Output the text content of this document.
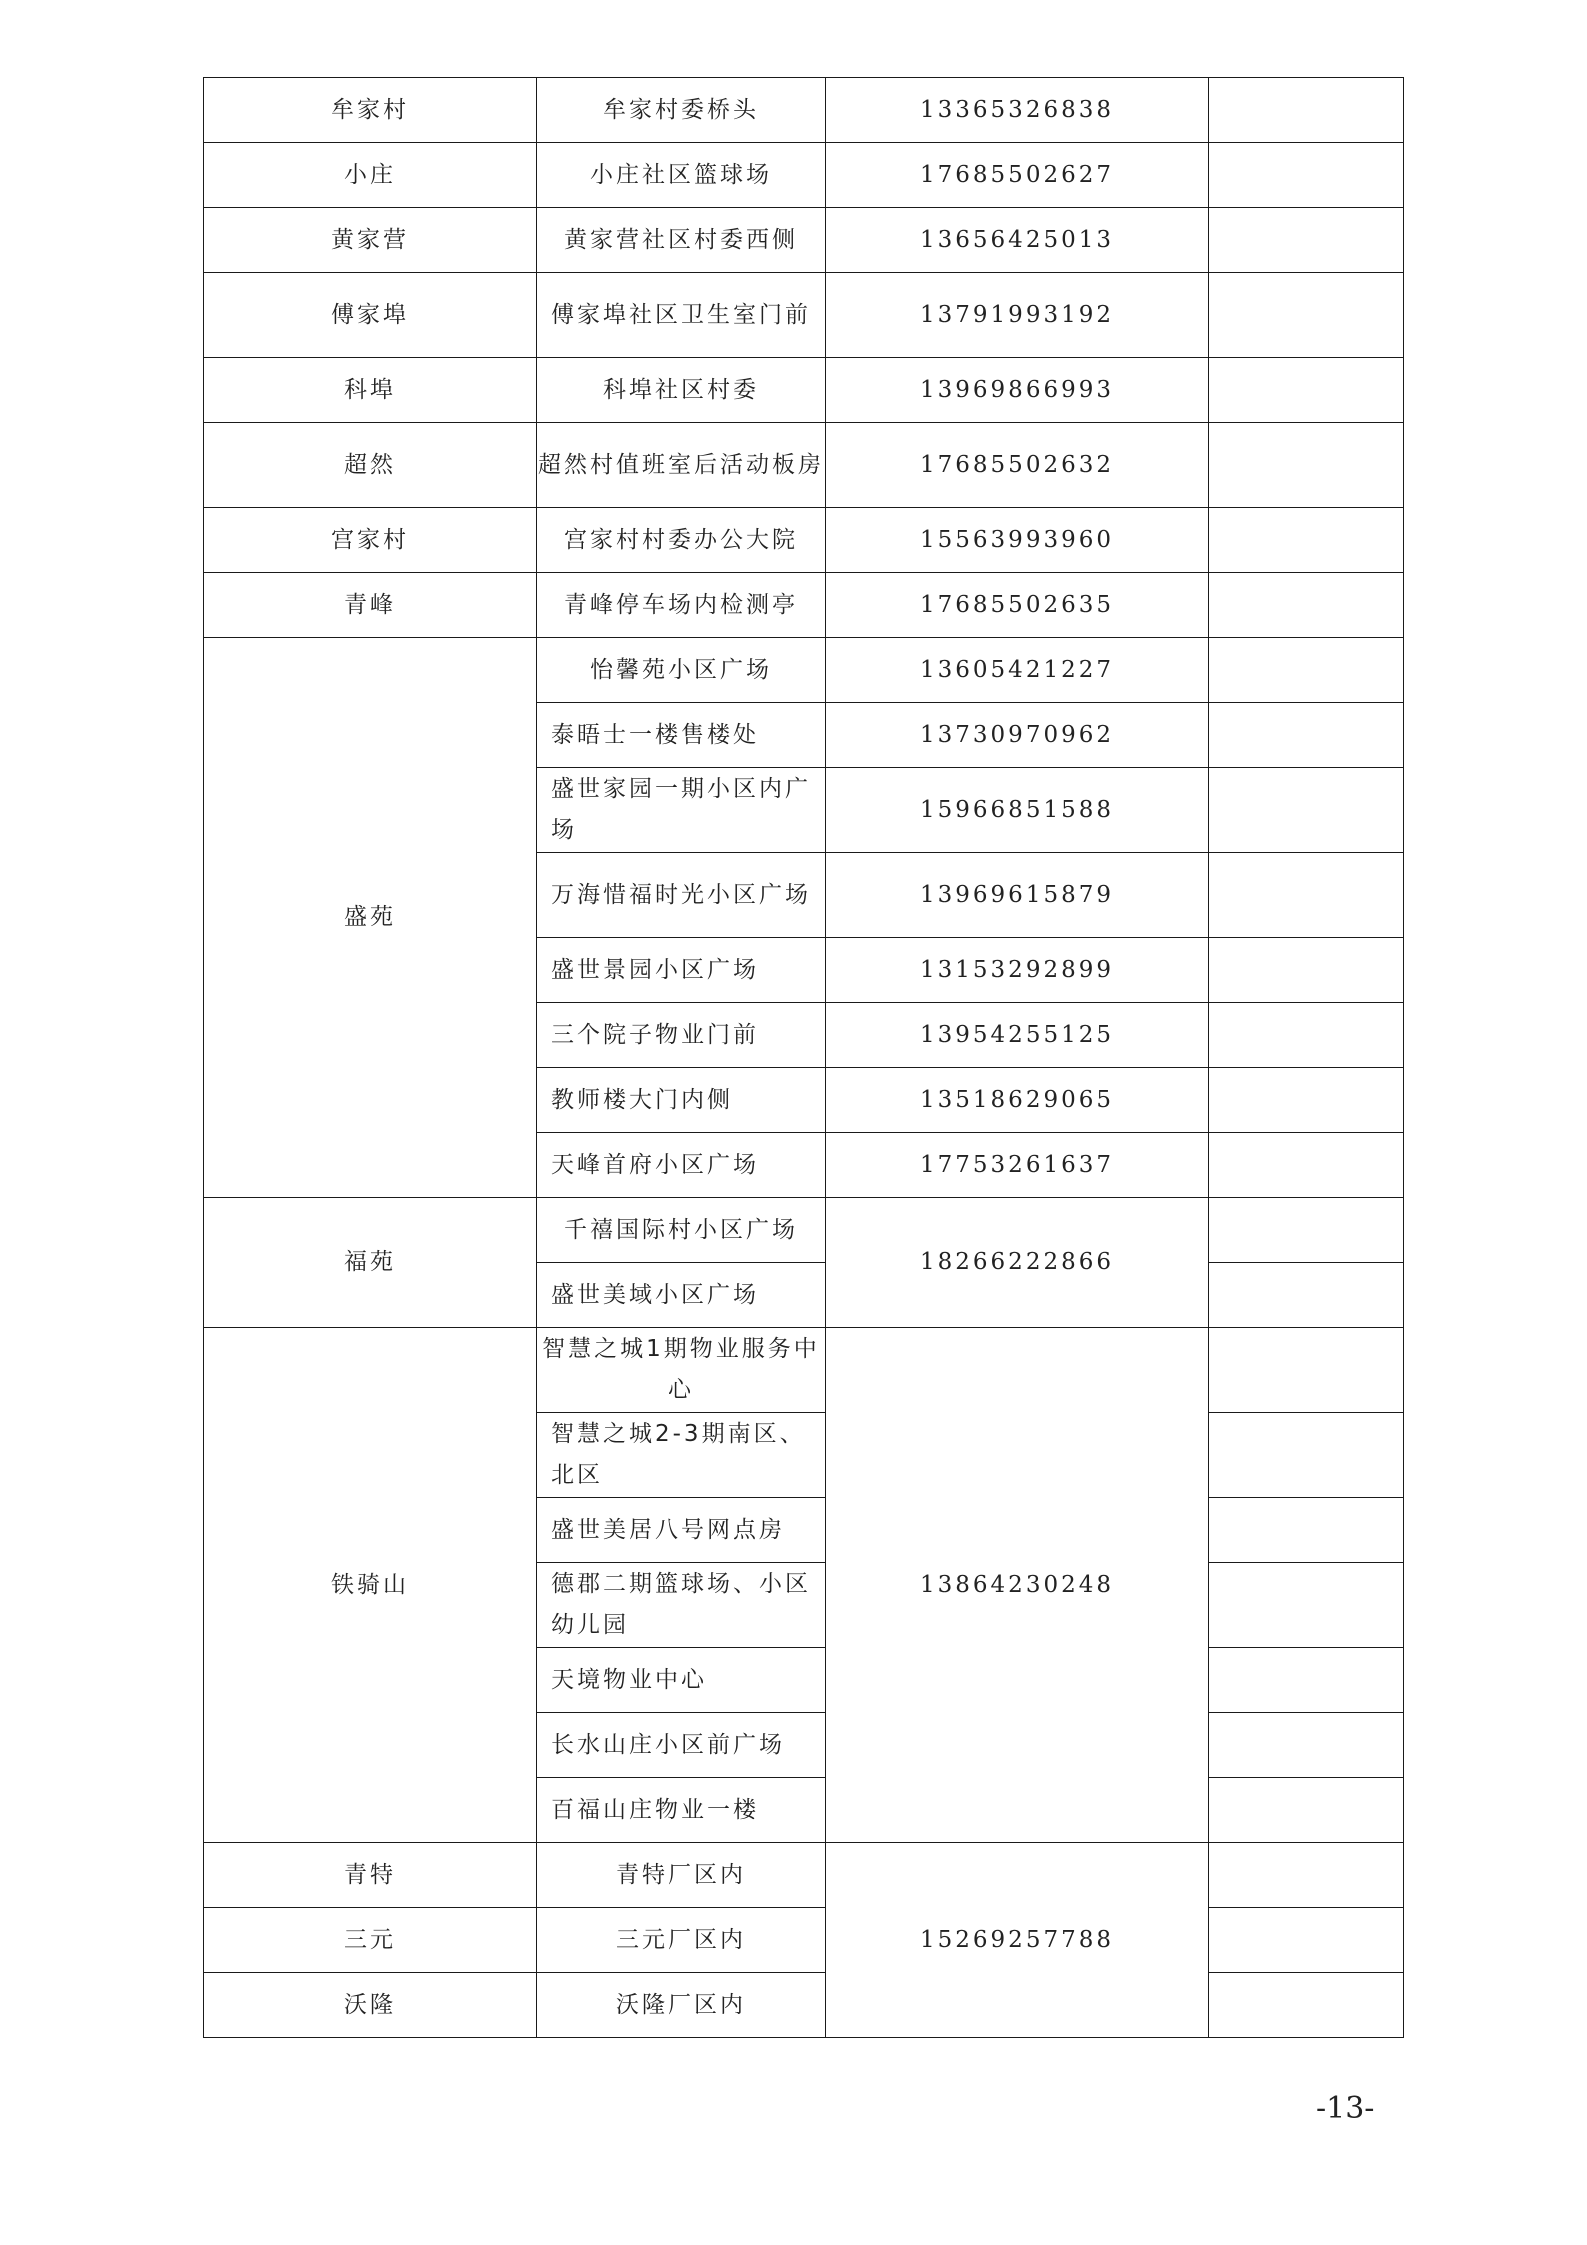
牟家村	牟家村委桥头	13365326838	
小庄	小庄社区篮球场	17685502627	
黄家营	黄家营社区村委西侧	13656425013	
傅家埠	傅家埠社区卫生室门前	13791993192	
科埠	科埠社区村委	13969866993	
超然	超然村值班室后活动板房	17685502632	
宫家村	宫家村村委办公大院	15563993960	
青峰	青峰停车场内检测亭	17685502635	
盛苑	怡馨苑小区广场	13605421227	
	泰晤士一楼售楼处	13730970962	
	盛世家园一期小区内广场	15966851588	
	万海惜福时光小区广场	13969615879	
	盛世景园小区广场	13153292899	
	三个院子物业门前	13954255125	
	教师楼大门内侧	13518629065	
	天峰首府小区广场	17753261637	
福苑	千禧国际村小区广场	18266222866	
	盛世美域小区广场		
铁骑山	智慧之城1期物业服务中心	13864230248	
	智慧之城2-3期南区、北区		
	盛世美居八号网点房		
	德郡二期篮球场、小区幼儿园		
	天境物业中心		
	长水山庄小区前广场		
	百福山庄物业一楼		
青特	青特厂区内	15269257788	
三元	三元厂区内		
沃隆	沃隆厂区内		
-13-
